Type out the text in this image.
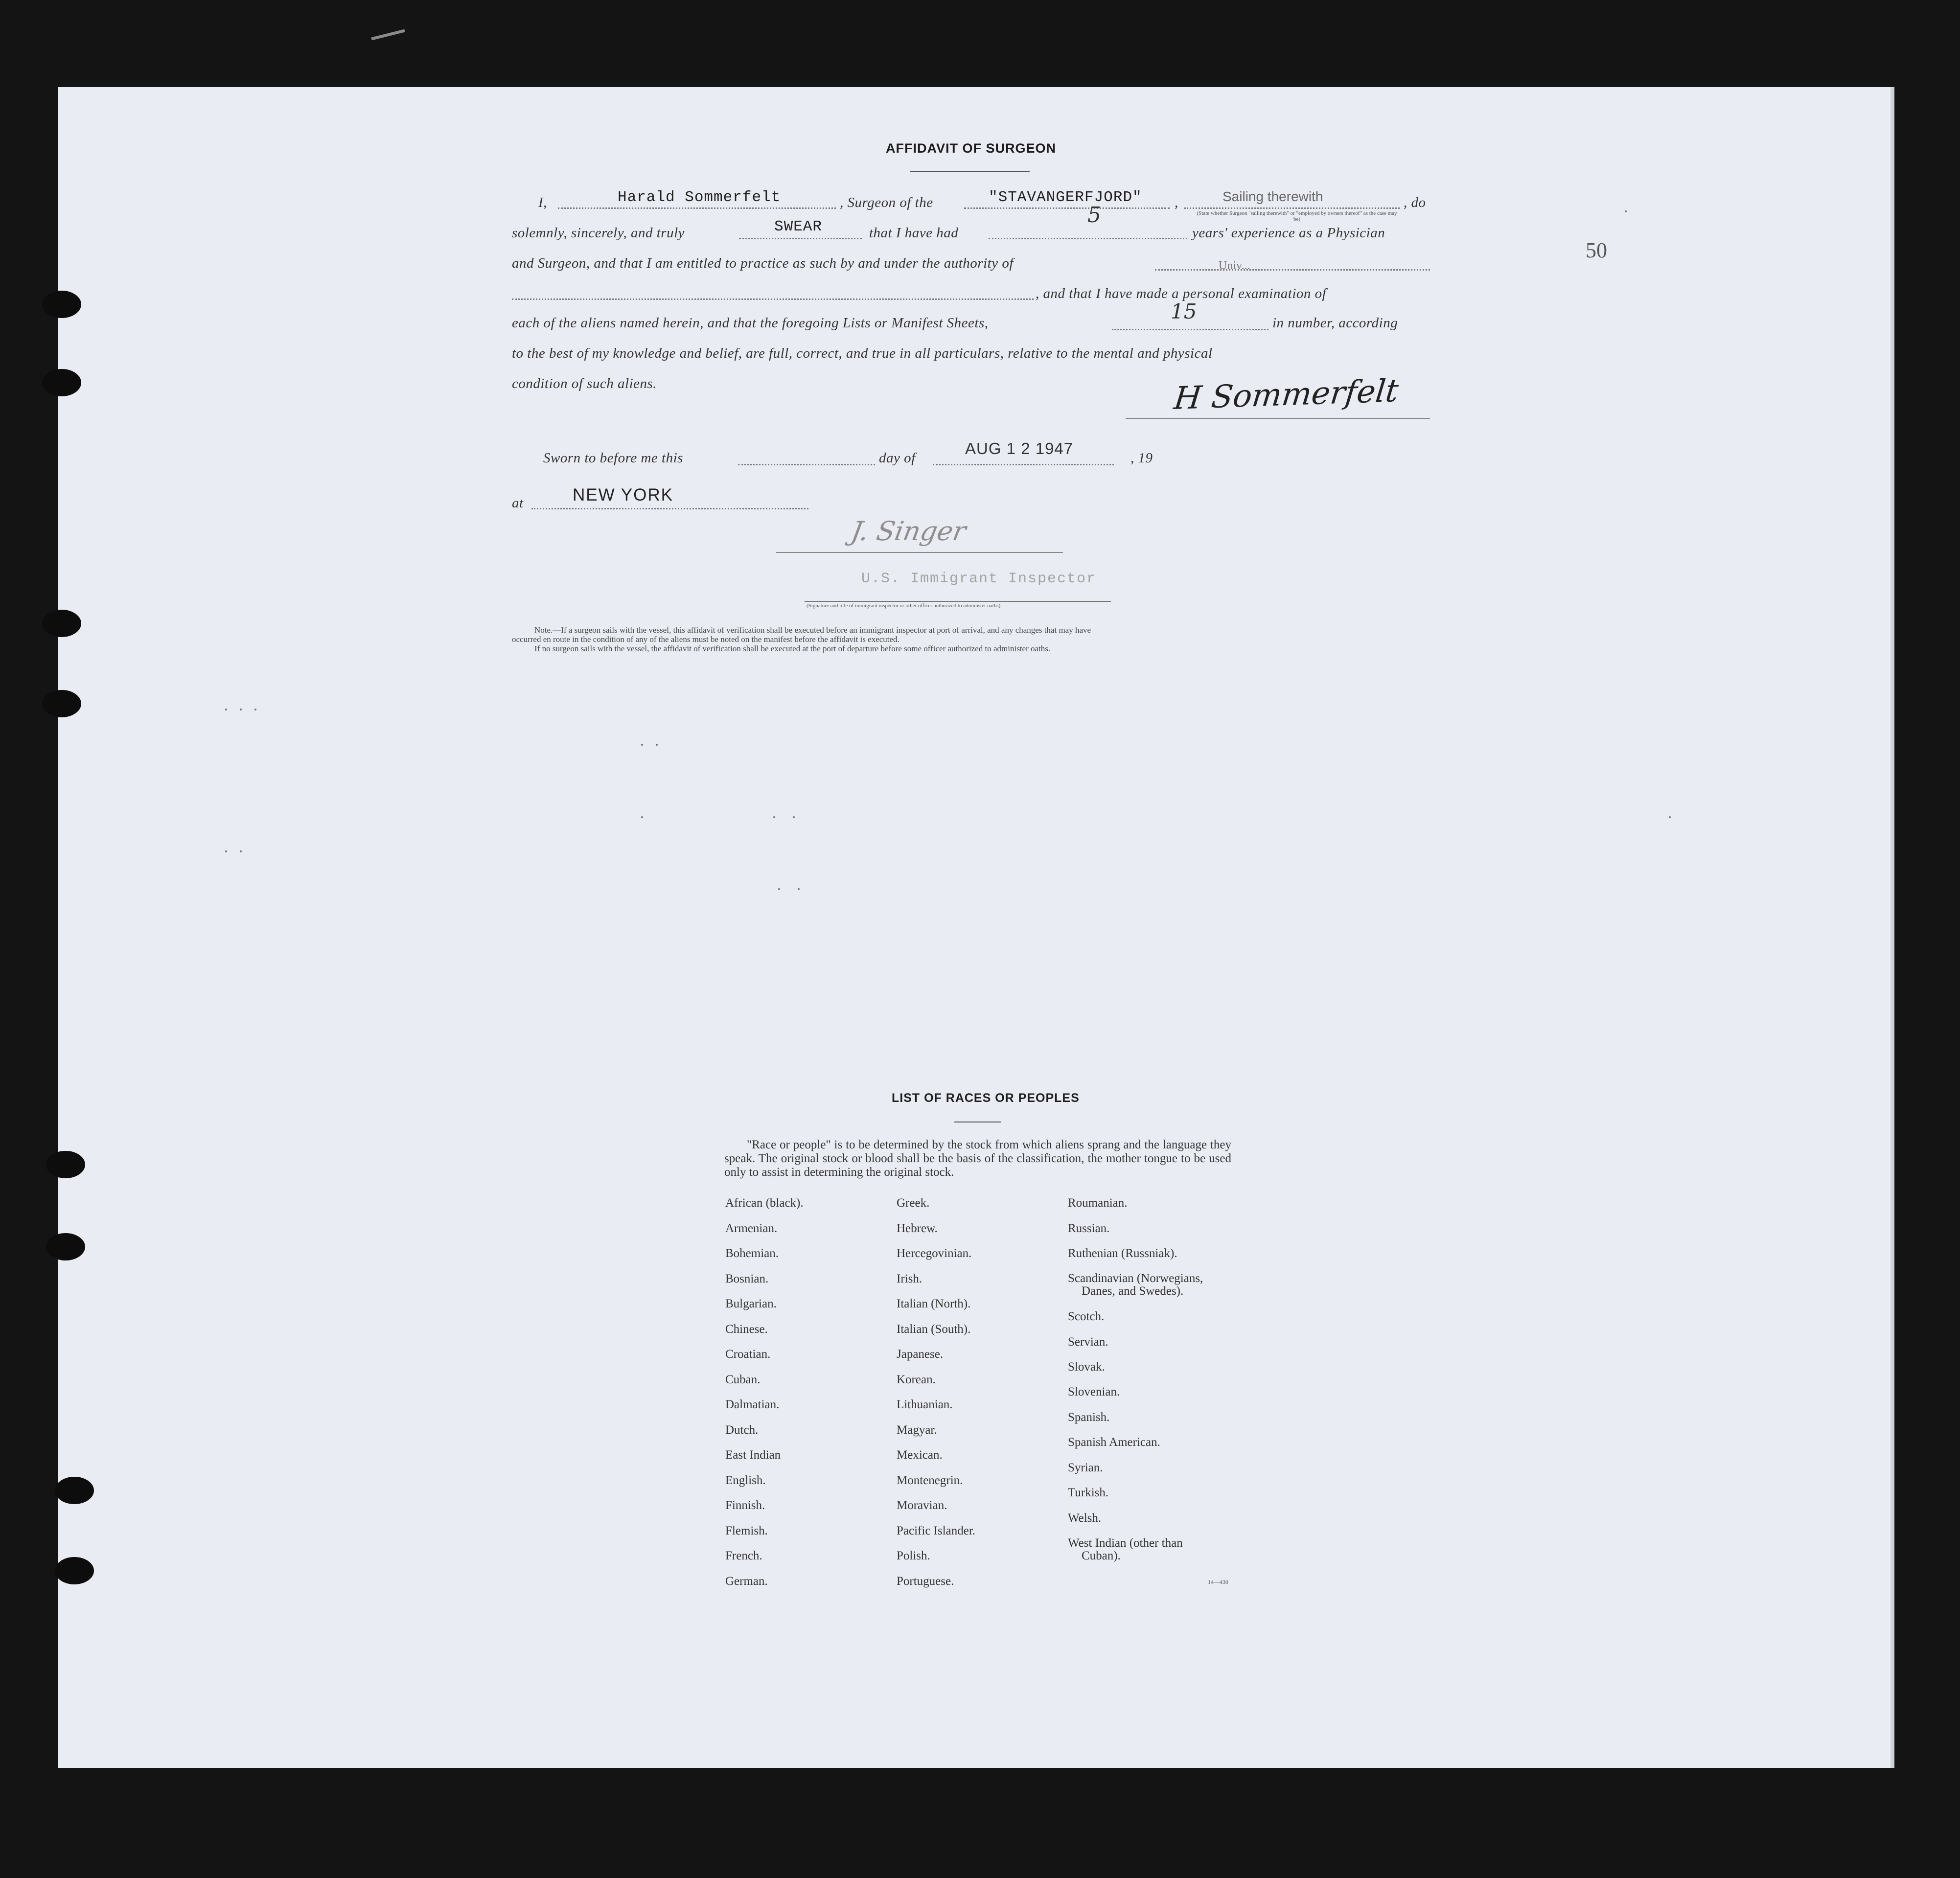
50
AFFIDAVIT OF SURGEON
I,	Harald Sommerfelt	, Surgeon of the	"STAVANGERFJORD" ,	Sailing therewith	, do
(State whether Surgeon "sailing therewith" or "employed by owners thereof" as the case may be)
solemnly, sincerely, and truly	SWEAR	that I have had
5
years' experience as a Physician
and Surgeon, and that I am entitled to practice as such by and under the authority of	Univ...
, and that I have made a personal examination of
each of the aliens named herein, and that the foregoing Lists or Manifest Sheets,	15	in number, according
to the best of my knowledge and belief, are full, correct, and true in all particulars, relative to the mental and physical
condition of such aliens.	H Sommerfelt
Sworn to before me this	day of
AUG 1 2 1947
, 19
at	NEW YORK
J. Singer
U.S. Immigrant Inspector
(Signature and title of immigrant inspector or other officer authorized to administer oaths)
Note.—If a surgeon sails with the vessel, this affidavit of verification shall be executed before an immigrant inspector at port of arrival, and any changes that may have
occurred en route in the condition of any of the aliens must be noted on the manifest before the affidavit is executed.
If no surgeon sails with the vessel, the affidavit of verification shall be executed at the port of departure before some officer authorized to administer oaths.
LIST OF RACES OR PEOPLES
"Race or people" is to be determined by the stock from which aliens sprang and the language they speak. The original stock or blood shall be the basis of the classification, the mother tongue to be used only to assist in determining the original stock.
African (black).
Armenian.
Bohemian.
Bosnian.
Bulgarian.
Chinese.
Croatian.
Cuban.
Dalmatian.
Dutch.
East Indian
English.
Finnish.
Flemish.
French.
German.
Greek.
Hebrew.
Hercegovinian.
Irish.
Italian (North).
Italian (South).
Japanese.
Korean.
Lithuanian.
Magyar.
Mexican.
Montenegrin.
Moravian.
Pacific Islander.
Polish.
Portuguese.
Roumanian.
Russian.
Ruthenian (Russniak).
Scandinavian (Norwegians,
Danes, and Swedes).
Scotch.
Servian.
Slovak.
Slovenian.
Spanish.
Spanish American.
Syrian.
Turkish.
Welsh.
West Indian (other than
Cuban).
14—430
